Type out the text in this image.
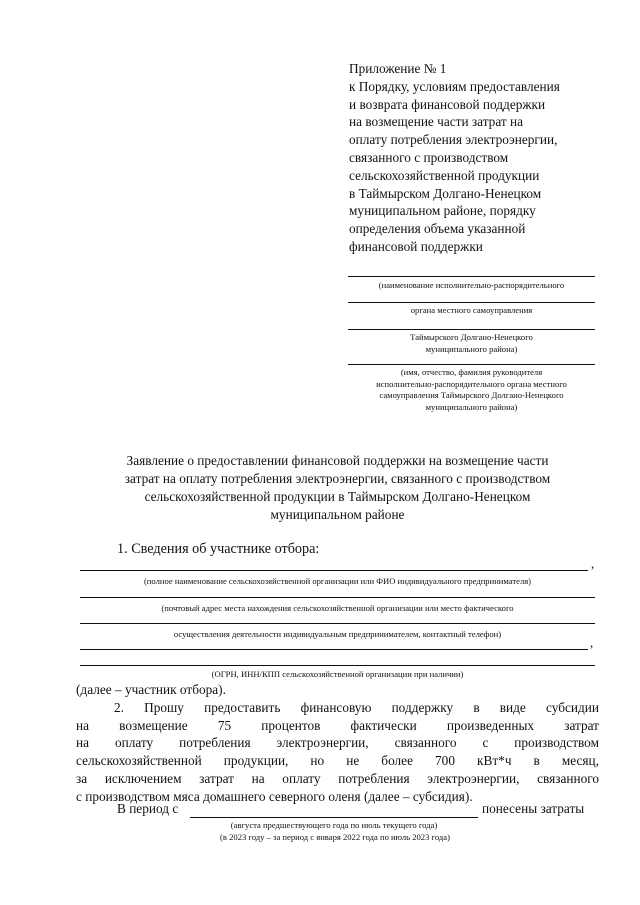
Приложение № 1
к Порядку, условиям предоставления
и возврата финансовой поддержки
на возмещение части затрат на
оплату потребления электроэнергии,
связанного с производством
сельскохозяйственной продукции
в Таймырском Долгано-Ненецком
муниципальном районе, порядку
определения объема указанной
финансовой поддержки
(наименование исполнительно-распорядительного
органа местного самоуправления
Таймырского Долгано-Ненецкого
муниципального района)
(имя, отчество, фамилия руководителя
исполнительно-распорядительного органа местного
самоуправления Таймырского Долгано-Ненецкого
муниципального района)
Заявление о предоставлении финансовой поддержки на возмещение части
затрат на оплату потребления электроэнергии, связанного с производством
сельскохозяйственной продукции в Таймырском Долгано-Ненецком
муниципальном районе
1. Сведения об участнике отбора:
,
(полное наименование сельскохозяйственной организации или ФИО индивидуального предпринимателя)
(почтовый адрес места нахождения сельскохозяйственной организации или место фактического
осуществления деятельности индивидуальным предпринимателем, контактный телефон)
,
(ОГРН, ИНН/КПП сельскохозяйственной организации при наличии)
(далее – участник отбора).
2. Прошу предоставить финансовую поддержку в виде субсидии
на возмещение 75 процентов фактически произведенных затрат
на оплату потребления электроэнергии, связанного с производством
сельскохозяйственной продукции, но не более 700 кВт*ч в месяц,
за исключением затрат на оплату потребления электроэнергии, связанного
с производством мяса домашнего северного оленя (далее – субсидия).
В период с	понесены затраты
(августа предшествующего года по июль текущего года)
(в 2023 году – за период с января 2022 года по июль 2023 года)
